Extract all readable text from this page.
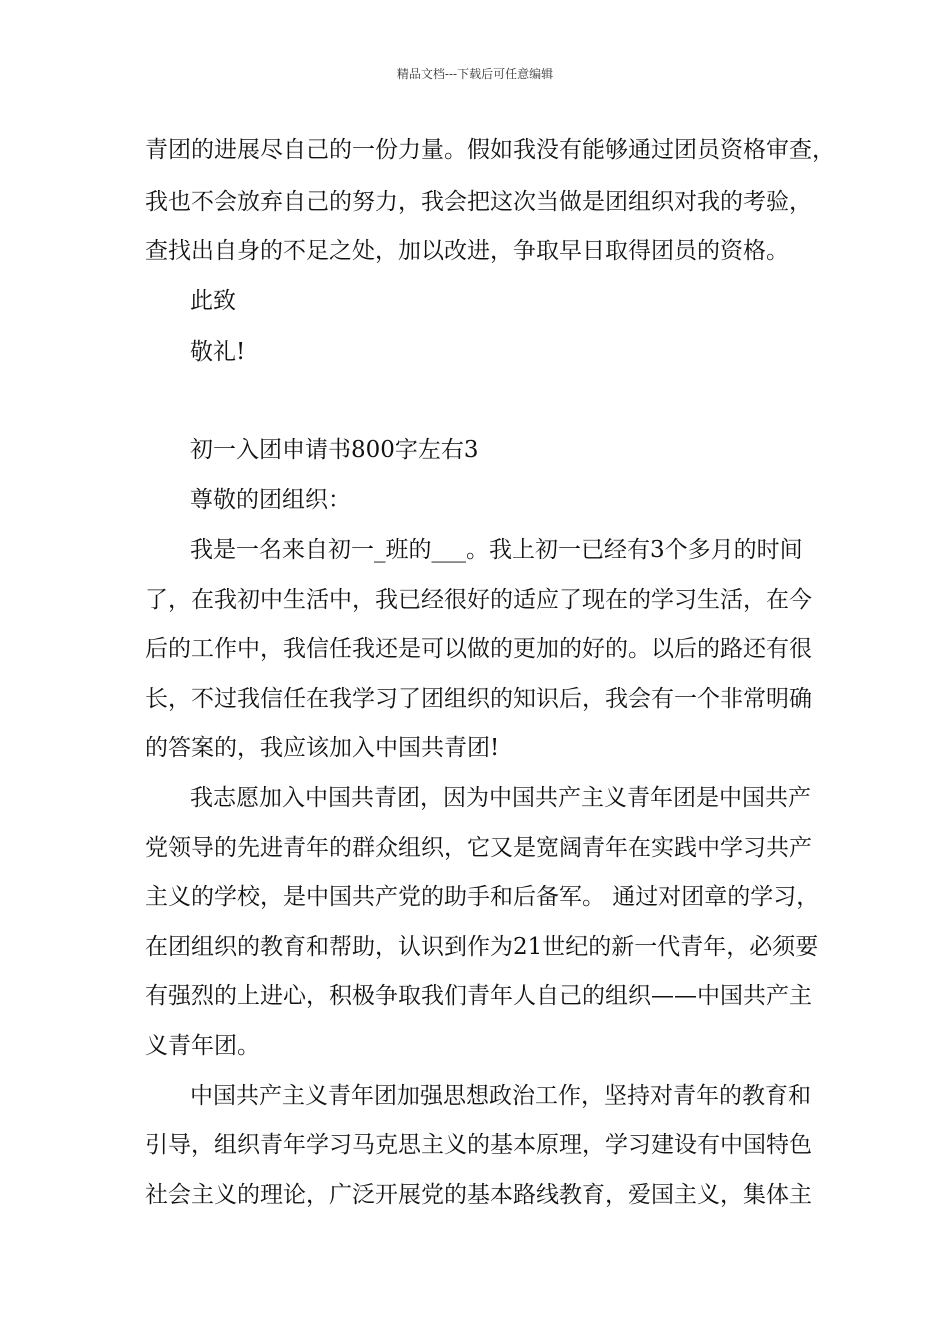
精品文档---下载后可任意编辑
青团的进展尽自己的一份力量。假如我没有能够通过团员资格审查，
我也不会放弃自己的努力，我会把这次当做是团组织对我的考验，
查找出自身的不足之处，加以改进，争取早日取得团员的资格。
此致
敬礼!
初一入团申请书800字左右3
尊敬的团组织：
我是一名来自初一_班的___。我上初一已经有3个多月的时间
了，在我初中生活中，我已经很好的适应了现在的学习生活，在今
后的工作中，我信任我还是可以做的更加的好的。以后的路还有很
长，不过我信任在我学习了团组织的知识后，我会有一个非常明确
的答案的，我应该加入中国共青团!
我志愿加入中国共青团，因为中国共产主义青年团是中国共产
党领导的先进青年的群众组织，它又是宽阔青年在实践中学习共产
主义的学校，是中国共产党的助手和后备军。 通过对团章的学习，
在团组织的教育和帮助，认识到作为21世纪的新一代青年，必须要
有强烈的上进心，积极争取我们青年人自己的组织——中国共产主
义青年团。
中国共产主义青年团加强思想政治工作，坚持对青年的教育和
引导，组织青年学习马克思主义的基本原理，学习建设有中国特色
社会主义的理论，广泛开展党的基本路线教育，爱国主义，集体主
